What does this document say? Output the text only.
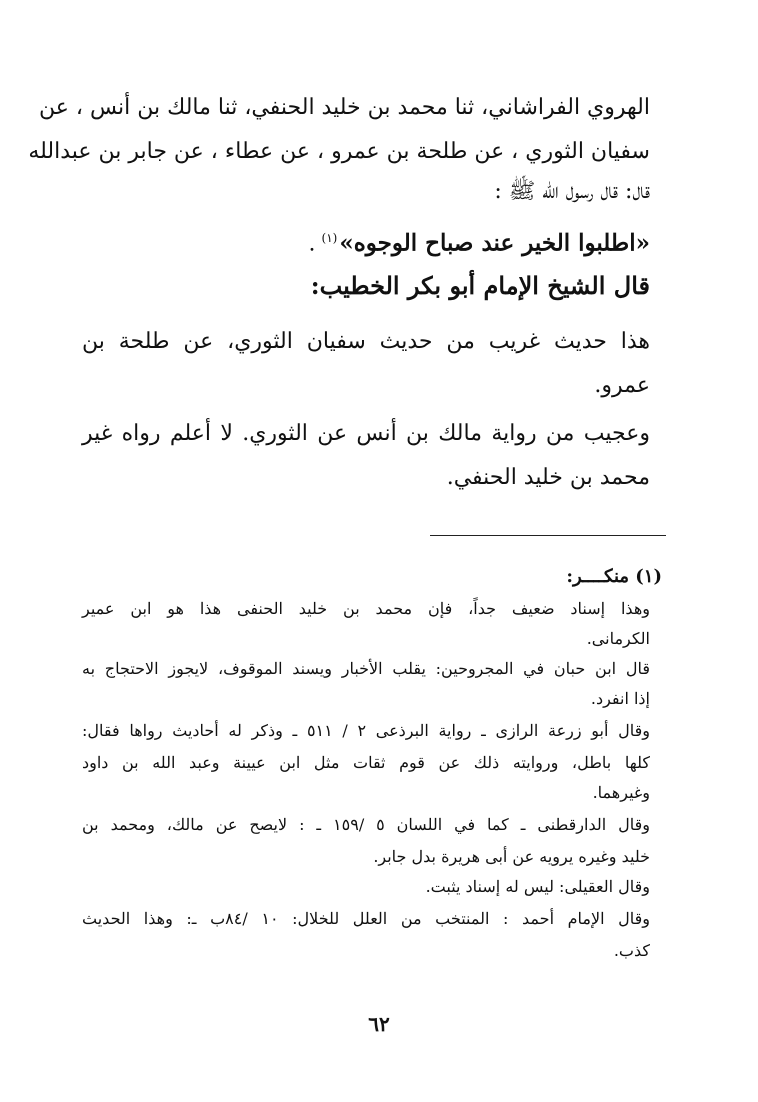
الهروي الفراشاني، ثنا محمد بن خليد الحنفي، ثنا مالك بن أنس ، عن
سفيان الثوري ، عن طلحة بن عمرو ، عن عطاء ، عن جابر بن عبدالله
قال: قال رسول الله ﷺ :
«اطلبوا الخير عند صباح الوجوه»$^{(١)}$.
قال الشيخ الإمام أبو بكر الخطيب:
هذا حديث غريب من حديث سفيان الثوري، عن طلحة بن
عمرو.
وعجيب من رواية مالك بن أنس عن الثوري. لا أعلم رواه غير
محمد بن خليد الحنفي.
(١) منكــــر:
وهذا إسناد ضعيف جداً، فإن محمد بن خليد الحنفى هذا هو ابن عمير
الكرمانى.
قال ابن حبان في المجروحين: يقلب الأخبار ويسند الموقوف، لايجوز الاحتجاج به
إذا انفرد.
وقال أبو زرعة الرازى ـ رواية البرذعى ٢ / ٥١١ ـ وذكر له أحاديث رواها فقال:
كلها باطل، وروايته ذلك عن قوم ثقات مثل ابن عيينة وعبد الله بن داود
وغيرهما.
وقال الدارقطنى ـ كما في اللسان ٥ /١٥٩ ـ : لايصح عن مالك، ومحمد بن
خليد وغيره يرويه عن أبى هريرة بدل جابر.
وقال العقيلى: ليس له إسناد يثبت.
وقال الإمام أحمد : المنتخب من العلل للخلال: ١٠ /٨٤ب ـ: وهذا الحديث
كذب.
٦٢
